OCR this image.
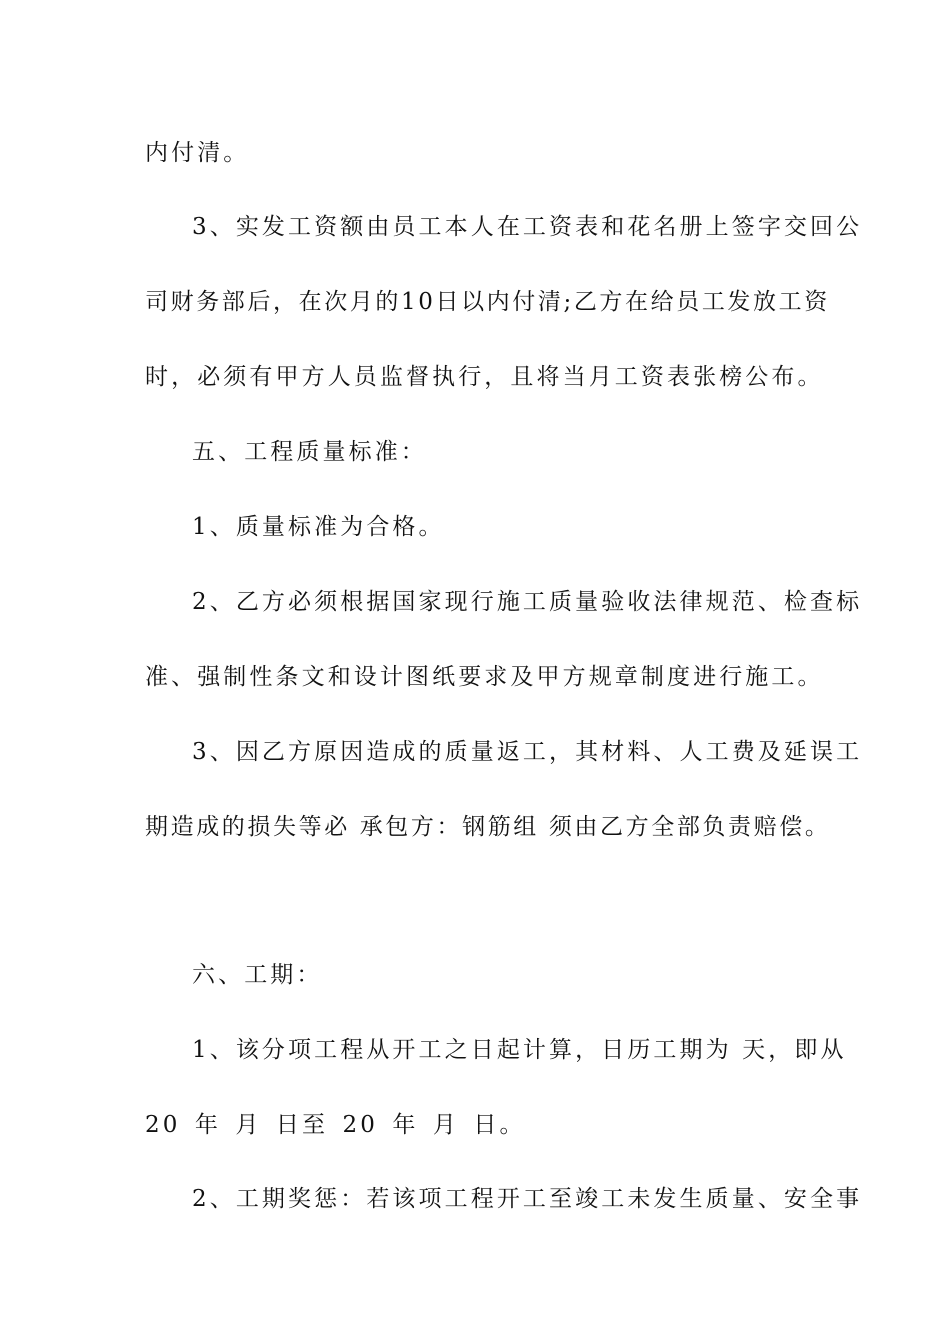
内付清。
3、实发工资额由员工本人在工资表和花名册上签字交回公
司财务部后，在次月的10日以内付清;乙方在给员工发放工资
时，必须有甲方人员监督执行，且将当月工资表张榜公布。
五、工程质量标准：
1、质量标准为合格。
2、乙方必须根据国家现行施工质量验收法律规范、检查标
准、强制性条文和设计图纸要求及甲方规章制度进行施工。
3、因乙方原因造成的质量返工，其材料、人工费及延误工
期造成的损失等必 承包方：钢筋组 须由乙方全部负责赔偿。
六、工期：
1、该分项工程从开工之日起计算，日历工期为 天，即从
20 年 月 日至 20 年 月 日。
2、工期奖惩：若该项工程开工至竣工未发生质量、安全事
